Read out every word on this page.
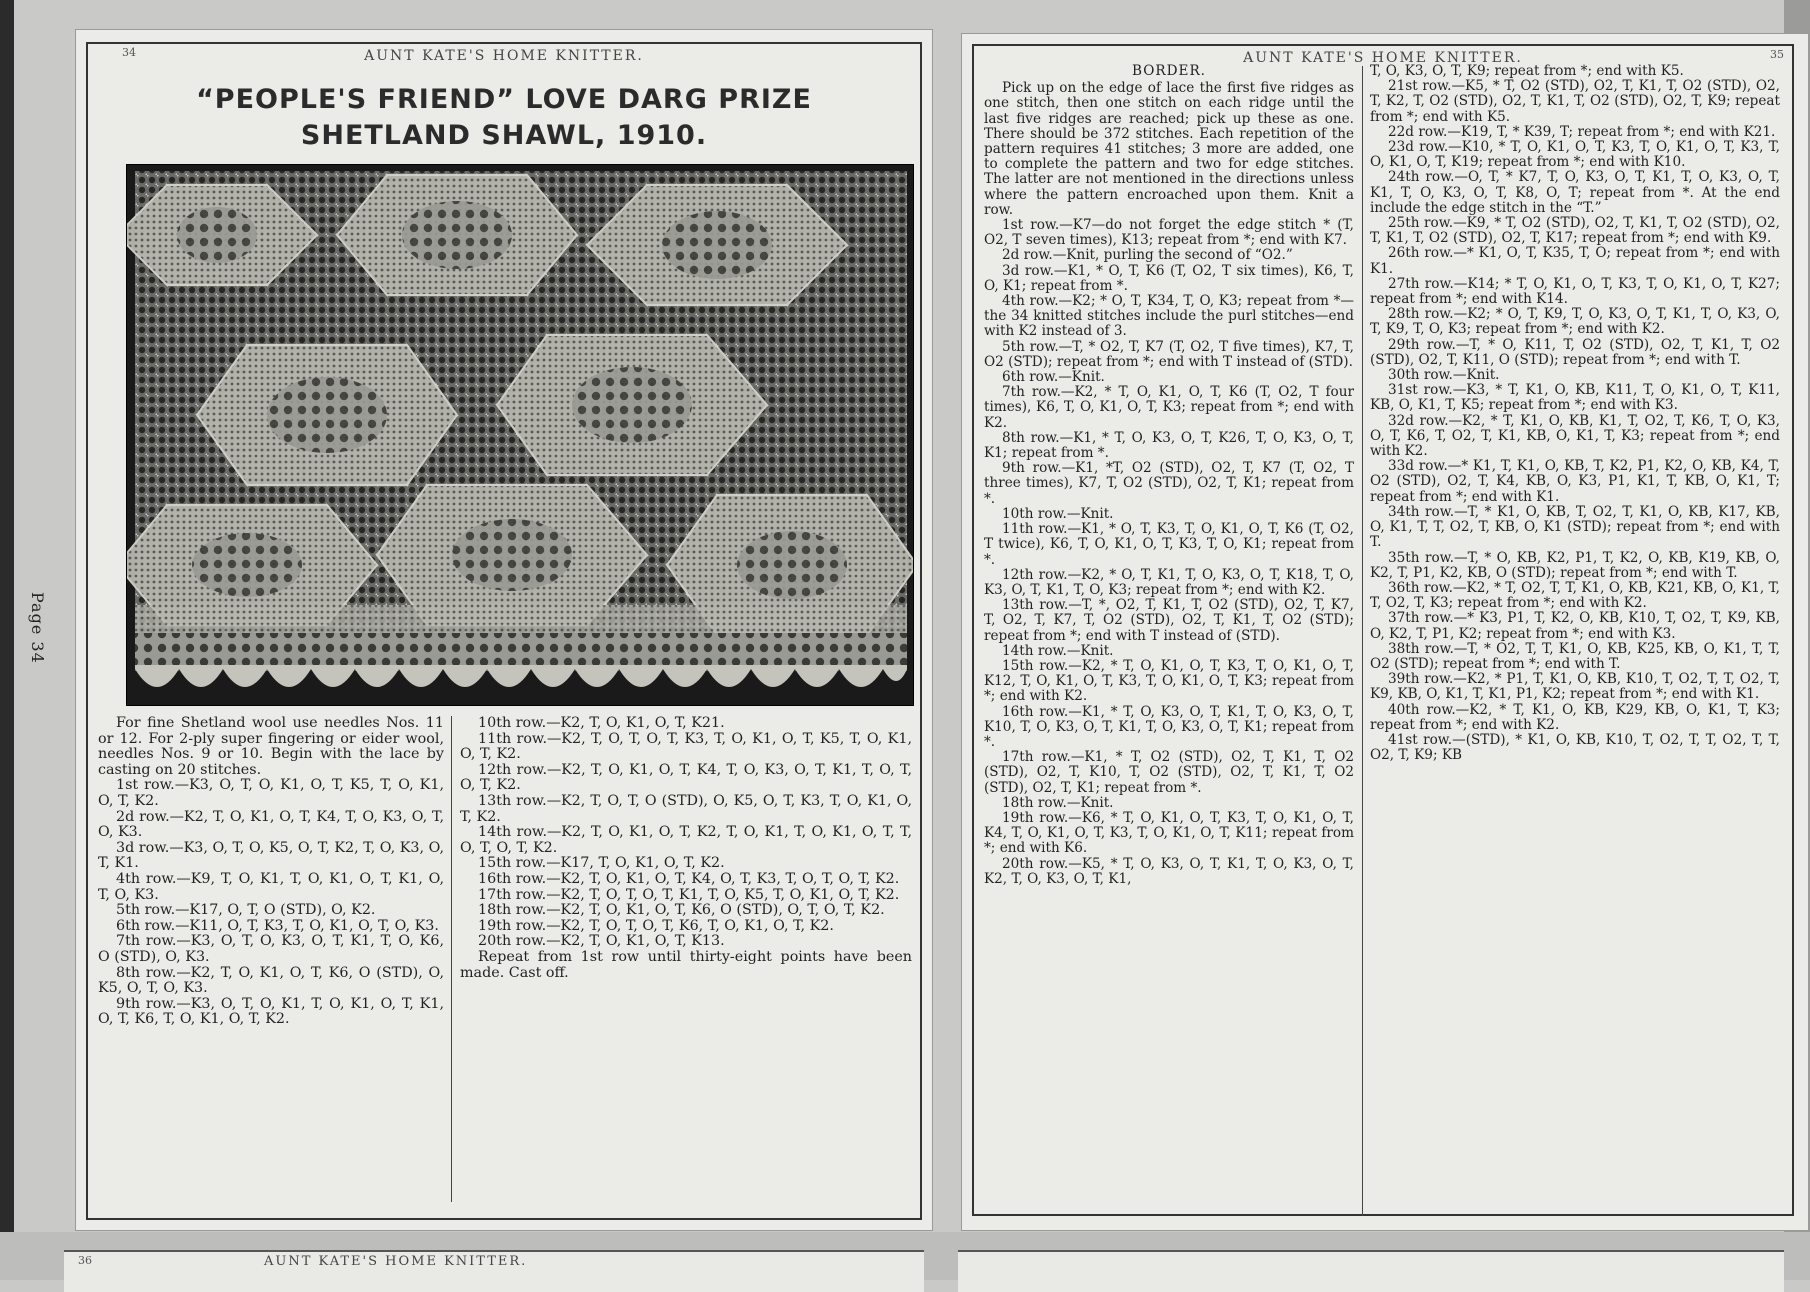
Page 34
34	AUNT KATE'S HOME KNITTER.
“PEOPLE'S FRIEND” LOVE DARG PRIZE
SHETLAND SHAWL, 1910.

For fine Shetland wool use needles Nos. 11 or 12. For 2-ply super fingering or eider wool, needles Nos. 9 or 10. Begin with the lace by casting on 20 stitches.

1st row.—K3, O, T, O, K1, O, T, K5, T, O, K1, O, T, K2.

2d row.—K2, T, O, K1, O, T, K4, T, O, K3, O, T, O, K3.

3d row.—K3, O, T, O, K5, O, T, K2, T, O, K3, O, T, K1.

4th row.—K9, T, O, K1, T, O, K1, O, T, K1, O, T, O, K3.

5th row.—K17, O, T, O (STD), O, K2.

6th row.—K11, O, T, K3, T, O, K1, O, T, O, K3.

7th row.—K3, O, T, O, K3, O, T, K1, T, O, K6, O (STD), O, K3.

8th row.—K2, T, O, K1, O, T, K6, O (STD), O, K5, O, T, O, K3.

9th row.—K3, O, T, O, K1, T, O, K1, O, T, K1, O, T, K6, T, O, K1, O, T, K2.

10th row.—K2, T, O, K1, O, T, K21.

11th row.—K2, T, O, T, O, T, K3, T, O, K1, O, T, K5, T, O, K1, O, T, K2.

12th row.—K2, T, O, K1, O, T, K4, T, O, K3, O, T, K1, T, O, T, O, T, K2.

13th row.—K2, T, O, T, O (STD), O, K5, O, T, K3, T, O, K1, O, T, K2.

14th row.—K2, T, O, K1, O, T, K2, T, O, K1, T, O, K1, O, T, T, O, T, O, T, K2.

15th row.—K17, T, O, K1, O, T, K2.

16th row.—K2, T, O, K1, O, T, K4, O, T, K3, T, O, T, O, T, K2.

17th row.—K2, T, O, T, O, T, K1, T, O, K5, T, O, K1, O, T, K2.

18th row.—K2, T, O, K1, O, T, K6, O (STD), O, T, O, T, K2.

19th row.—K2, T, O, T, O, T, K6, T, O, K1, O, T, K2.

20th row.—K2, T, O, K1, O, T, K13.

Repeat from 1st row until thirty-eight points have been made. Cast off.

AUNT KATE'S HOME KNITTER.	35

BORDER.

Pick up on the edge of lace the first five ridges as one stitch, then one stitch on each ridge until the last five ridges are reached; pick up these as one. There should be 372 stitches. Each repetition of the pattern requires 41 stitches; 3 more are added, one to complete the pattern and two for edge stitches. The latter are not mentioned in the directions unless where the pattern encroached upon them. Knit a row.

1st row.—K7—do not forget the edge stitch * (T, O2, T seven times), K13; repeat from *; end with K7.

2d row.—Knit, purling the second of “O2.”

3d row.—K1, * O, T, K6 (T, O2, T six times), K6, T, O, K1; repeat from *.

4th row.—K2; * O, T, K34, T, O, K3; repeat from *—the 34 knitted stitches include the purl stitches—end with K2 instead of 3.

5th row.—T, * O2, T, K7 (T, O2, T five times), K7, T, O2 (STD); repeat from *; end with T instead of (STD).

6th row.—Knit.

7th row.—K2, * T, O, K1, O, T, K6 (T, O2, T four times), K6, T, O, K1, O, T, K3; repeat from *; end with K2.

8th row.—K1, * T, O, K3, O, T, K26, T, O, K3, O, T, K1; repeat from *.

9th row.—K1, *T, O2 (STD), O2, T, K7 (T, O2, T three times), K7, T, O2 (STD), O2, T, K1; repeat from *.

10th row.—Knit.

11th row.—K1, * O, T, K3, T, O, K1, O, T, K6 (T, O2, T twice), K6, T, O, K1, O, T, K3, T, O, K1; repeat from *.

12th row.—K2, * O, T, K1, T, O, K3, O, T, K18, T, O, K3, O, T, K1, T, O, K3; repeat from *; end with K2.

13th row.—T, *, O2, T, K1, T, O2 (STD), O2, T, K7, T, O2, T, K7, T, O2 (STD), O2, T, K1, T, O2 (STD); repeat from *; end with T instead of (STD).

14th row.—Knit.

15th row.—K2, * T, O, K1, O, T, K3, T, O, K1, O, T, K12, T, O, K1, O, T, K3, T, O, K1, O, T, K3; repeat from *; end with K2.

16th row.—K1, * T, O, K3, O, T, K1, T, O, K3, O, T, K10, T, O, K3, O, T, K1, T, O, K3, O, T, K1; repeat from *.

17th row.—K1, * T, O2 (STD), O2, T, K1, T, O2 (STD), O2, T, K10, T, O2 (STD), O2, T, K1, T, O2 (STD), O2, T, K1; repeat from *.

18th row.—Knit.

19th row.—K6, * T, O, K1, O, T, K3, T, O, K1, O, T, K4, T, O, K1, O, T, K3, T, O, K1, O, T, K11; repeat from *; end with K6.

20th row.—K5, * T, O, K3, O, T, K1, T, O, K3, O, T, K2, T, O, K3, O, T, K1,

T, O, K3, O, T, K9; repeat from *; end with K5.

21st row.—K5, * T, O2 (STD), O2, T, K1, T, O2 (STD), O2, T, K2, T, O2 (STD), O2, T, K1, T, O2 (STD), O2, T, K9; repeat from *; end with K5.

22d row.—K19, T, * K39, T; repeat from *; end with K21.

23d row.—K10, * T, O, K1, O, T, K3, T, O, K1, O, T, K3, T, O, K1, O, T, K19; repeat from *; end with K10.

24th row.—O, T, * K7, T, O, K3, O, T, K1, T, O, K3, O, T, K1, T, O, K3, O, T, K8, O, T; repeat from *. At the end include the edge stitch in the “T.”

25th row.—K9, * T, O2 (STD), O2, T, K1, T, O2 (STD), O2, T, K1, T, O2 (STD), O2, T, K17; repeat from *; end with K9.

26th row.—* K1, O, T, K35, T, O; repeat from *; end with K1.

27th row.—K14; * T, O, K1, O, T, K3, T, O, K1, O, T, K27; repeat from *; end with K14.

28th row.—K2; * O, T, K9, T, O, K3, O, T, K1, T, O, K3, O, T, K9, T, O, K3; repeat from *; end with K2.

29th row.—T, * O, K11, T, O2 (STD), O2, T, K1, T, O2 (STD), O2, T, K11, O (STD); repeat from *; end with T.

30th row.—Knit.

31st row.—K3, * T, K1, O, KB, K11, T, O, K1, O, T, K11, KB, O, K1, T, K5; repeat from *; end with K3.

32d row.—K2, * T, K1, O, KB, K1, T, O2, T, K6, T, O, K3, O, T, K6, T, O2, T, K1, KB, O, K1, T, K3; repeat from *; end with K2.

33d row.—* K1, T, K1, O, KB, T, K2, P1, K2, O, KB, K4, T, O2 (STD), O2, T, K4, KB, O, K3, P1, K1, T, KB, O, K1, T; repeat from *; end with K1.

34th row.—T, * K1, O, KB, T, O2, T, K1, O, KB, K17, KB, O, K1, T, T, O2, T, KB, O, K1 (STD); repeat from *; end with T.

35th row.—T, * O, KB, K2, P1, T, K2, O, KB, K19, KB, O, K2, T, P1, K2, KB, O (STD); repeat from *; end with T.

36th row.—K2, * T, O2, T, T, K1, O, KB, K21, KB, O, K1, T, T, O2, T, K3; repeat from *; end with K2.

37th row.—* K3, P1, T, K2, O, KB, K10, T, O2, T, K9, KB, O, K2, T, P1, K2; repeat from *; end with K3.

38th row.—T, * O2, T, T, K1, O, KB, K25, KB, O, K1, T, T, O2 (STD); repeat from *; end with T.

39th row.—K2, * P1, T, K1, O, KB, K10, T, O2, T, T, O2, T, K9, KB, O, K1, T, K1, P1, K2; repeat from *; end with K1.

40th row.—K2, * T, K1, O, KB, K29, KB, O, K1, T, K3; repeat from *; end with K2.

41st row.—(STD), * K1, O, KB, K10, T, O2, T, T, O2, T, T, O2, T, K9; KB

36	AUNT KATE'S HOME KNITTER.
